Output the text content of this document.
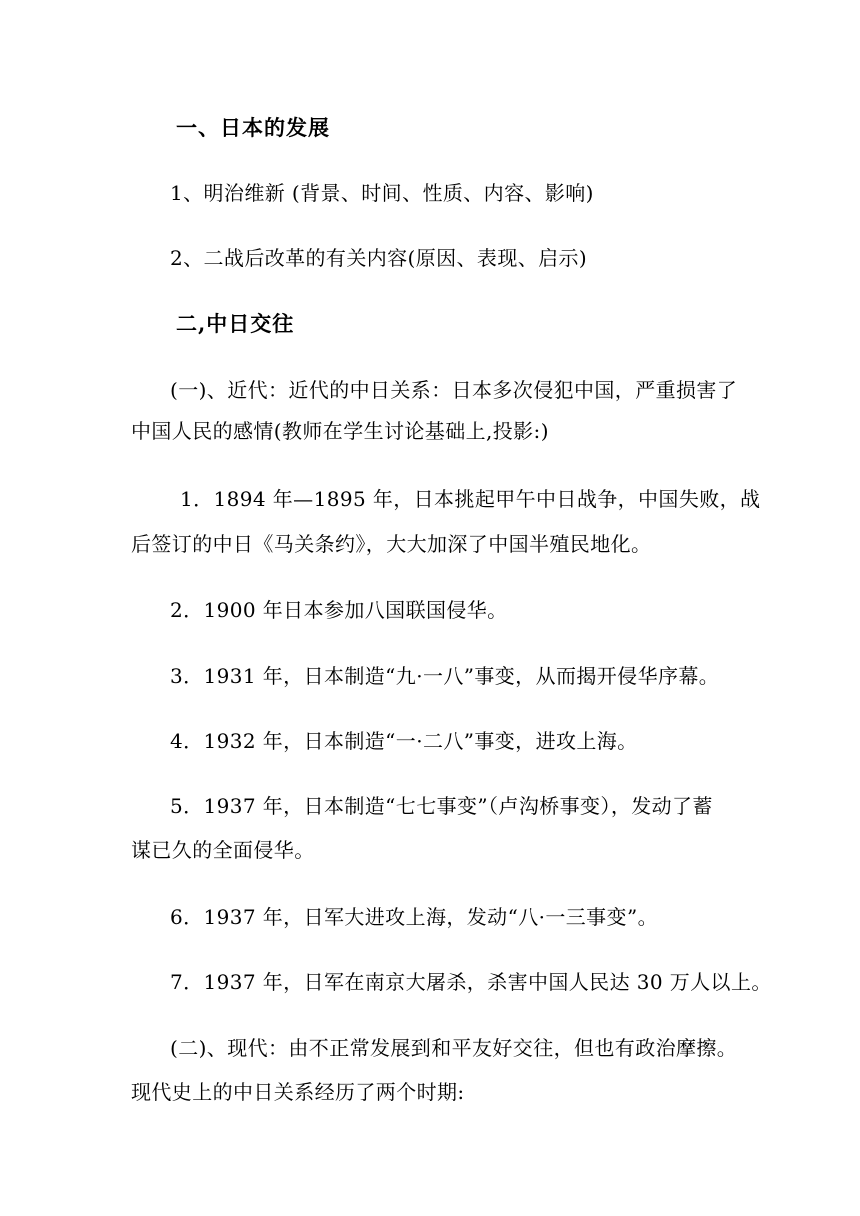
一、日本的发展
1、明治维新 (背景、时间、性质、内容、影响)
2、二战后改革的有关内容(原因、表现、启示)
二,中日交往
(一)、近代：近代的中日关系：日本多次侵犯中国，严重损害了
中国人民的感情(教师在学生讨论基础上,投影:)
1．1894 年—1895 年，日本挑起甲午中日战争，中国失败，战
后签订的中日《马关条约》，大大加深了中国半殖民地化。
2．1900 年日本参加八国联国侵华。
3．1931 年，日本制造“九·一八”事变，从而揭开侵华序幕。
4．1932 年，日本制造“一·二八”事变，进攻上海。
5．1937 年，日本制造“七七事变”（卢沟桥事变），发动了蓄
谋已久的全面侵华。
6．1937 年，日军大进攻上海，发动“八·一三事变”。
7．1937 年，日军在南京大屠杀，杀害中国人民达 30 万人以上。
(二)、现代：由不正常发展到和平友好交往，但也有政治摩擦。
现代史上的中日关系经历了两个时期:
